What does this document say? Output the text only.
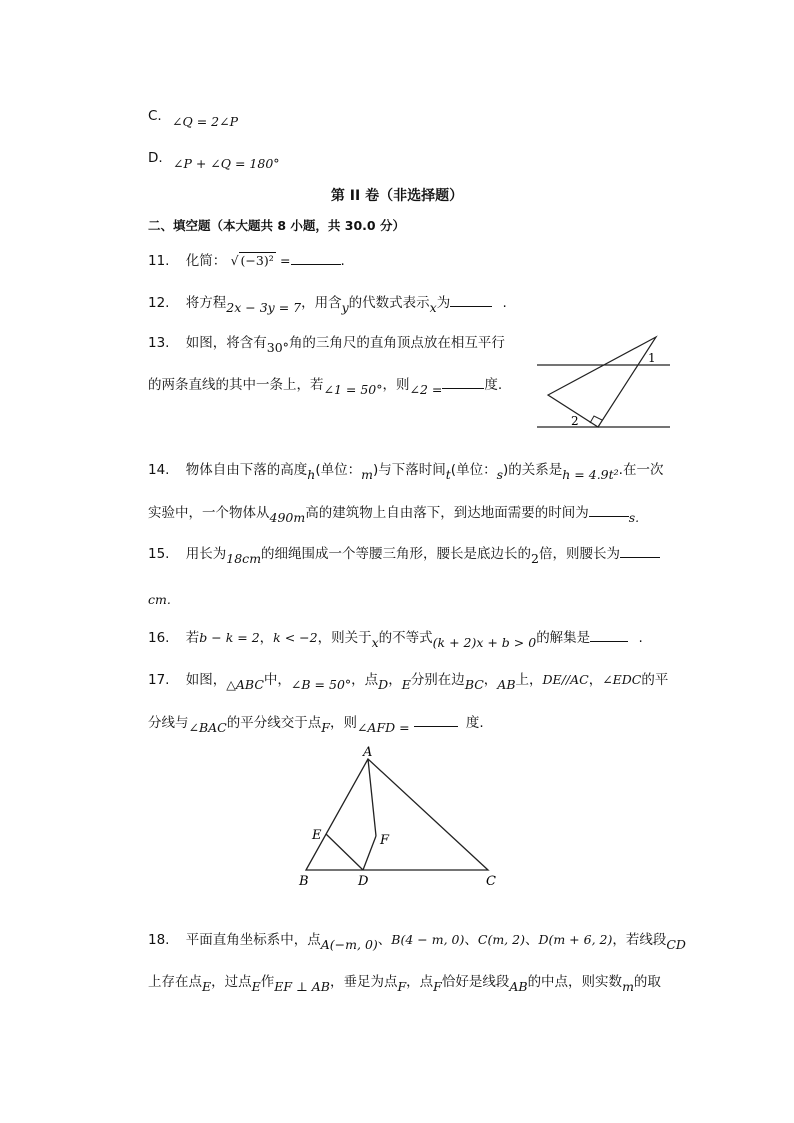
C. ∠Q = 2∠P
D. ∠P + ∠Q = 180°
第 II 卷（非选择题）
二、填空题（本大题共 8 小题，共 30.0 分）
11. 化简： √ (−3)² =	.
12. 将方程2x − 3y = 7，用含y的代数式表示x为	.
13. 如图，将含有30°角的三角尺的直角顶点放在相互平行
的两条直线的其中一条上，若∠1 = 50°，则∠2 =	度.
1
2
14. 物体自由下落的高度h(单位：m)与下落时间t(单位：s)的关系是h = 4.9t².在一次
实验中，一个物体从490m高的建筑物上自由落下，到达地面需要的时间为	s.
15. 用长为18cm的细绳围成一个等腰三角形，腰长是底边长的2倍，则腰长为
cm.
16. 若b − k = 2，k < −2，则关于x的不等式(k + 2)x + b > 0的解集是	.
17. 如图，△ABC中，∠B = 50°，点D，E分别在边BC，AB上，DE//AC，∠EDC的平
分线与∠BAC的平分线交于点F，则∠AFD =	度.
A
B	C
D
E	F
18. 平面直角坐标系中，点A(−m, 0)、B(4 − m, 0)、C(m, 2)、D(m + 6, 2)，若线段CD
上存在点E，过点E作EF ⊥ AB，垂足为点F，点F恰好是线段AB的中点，则实数m的取
